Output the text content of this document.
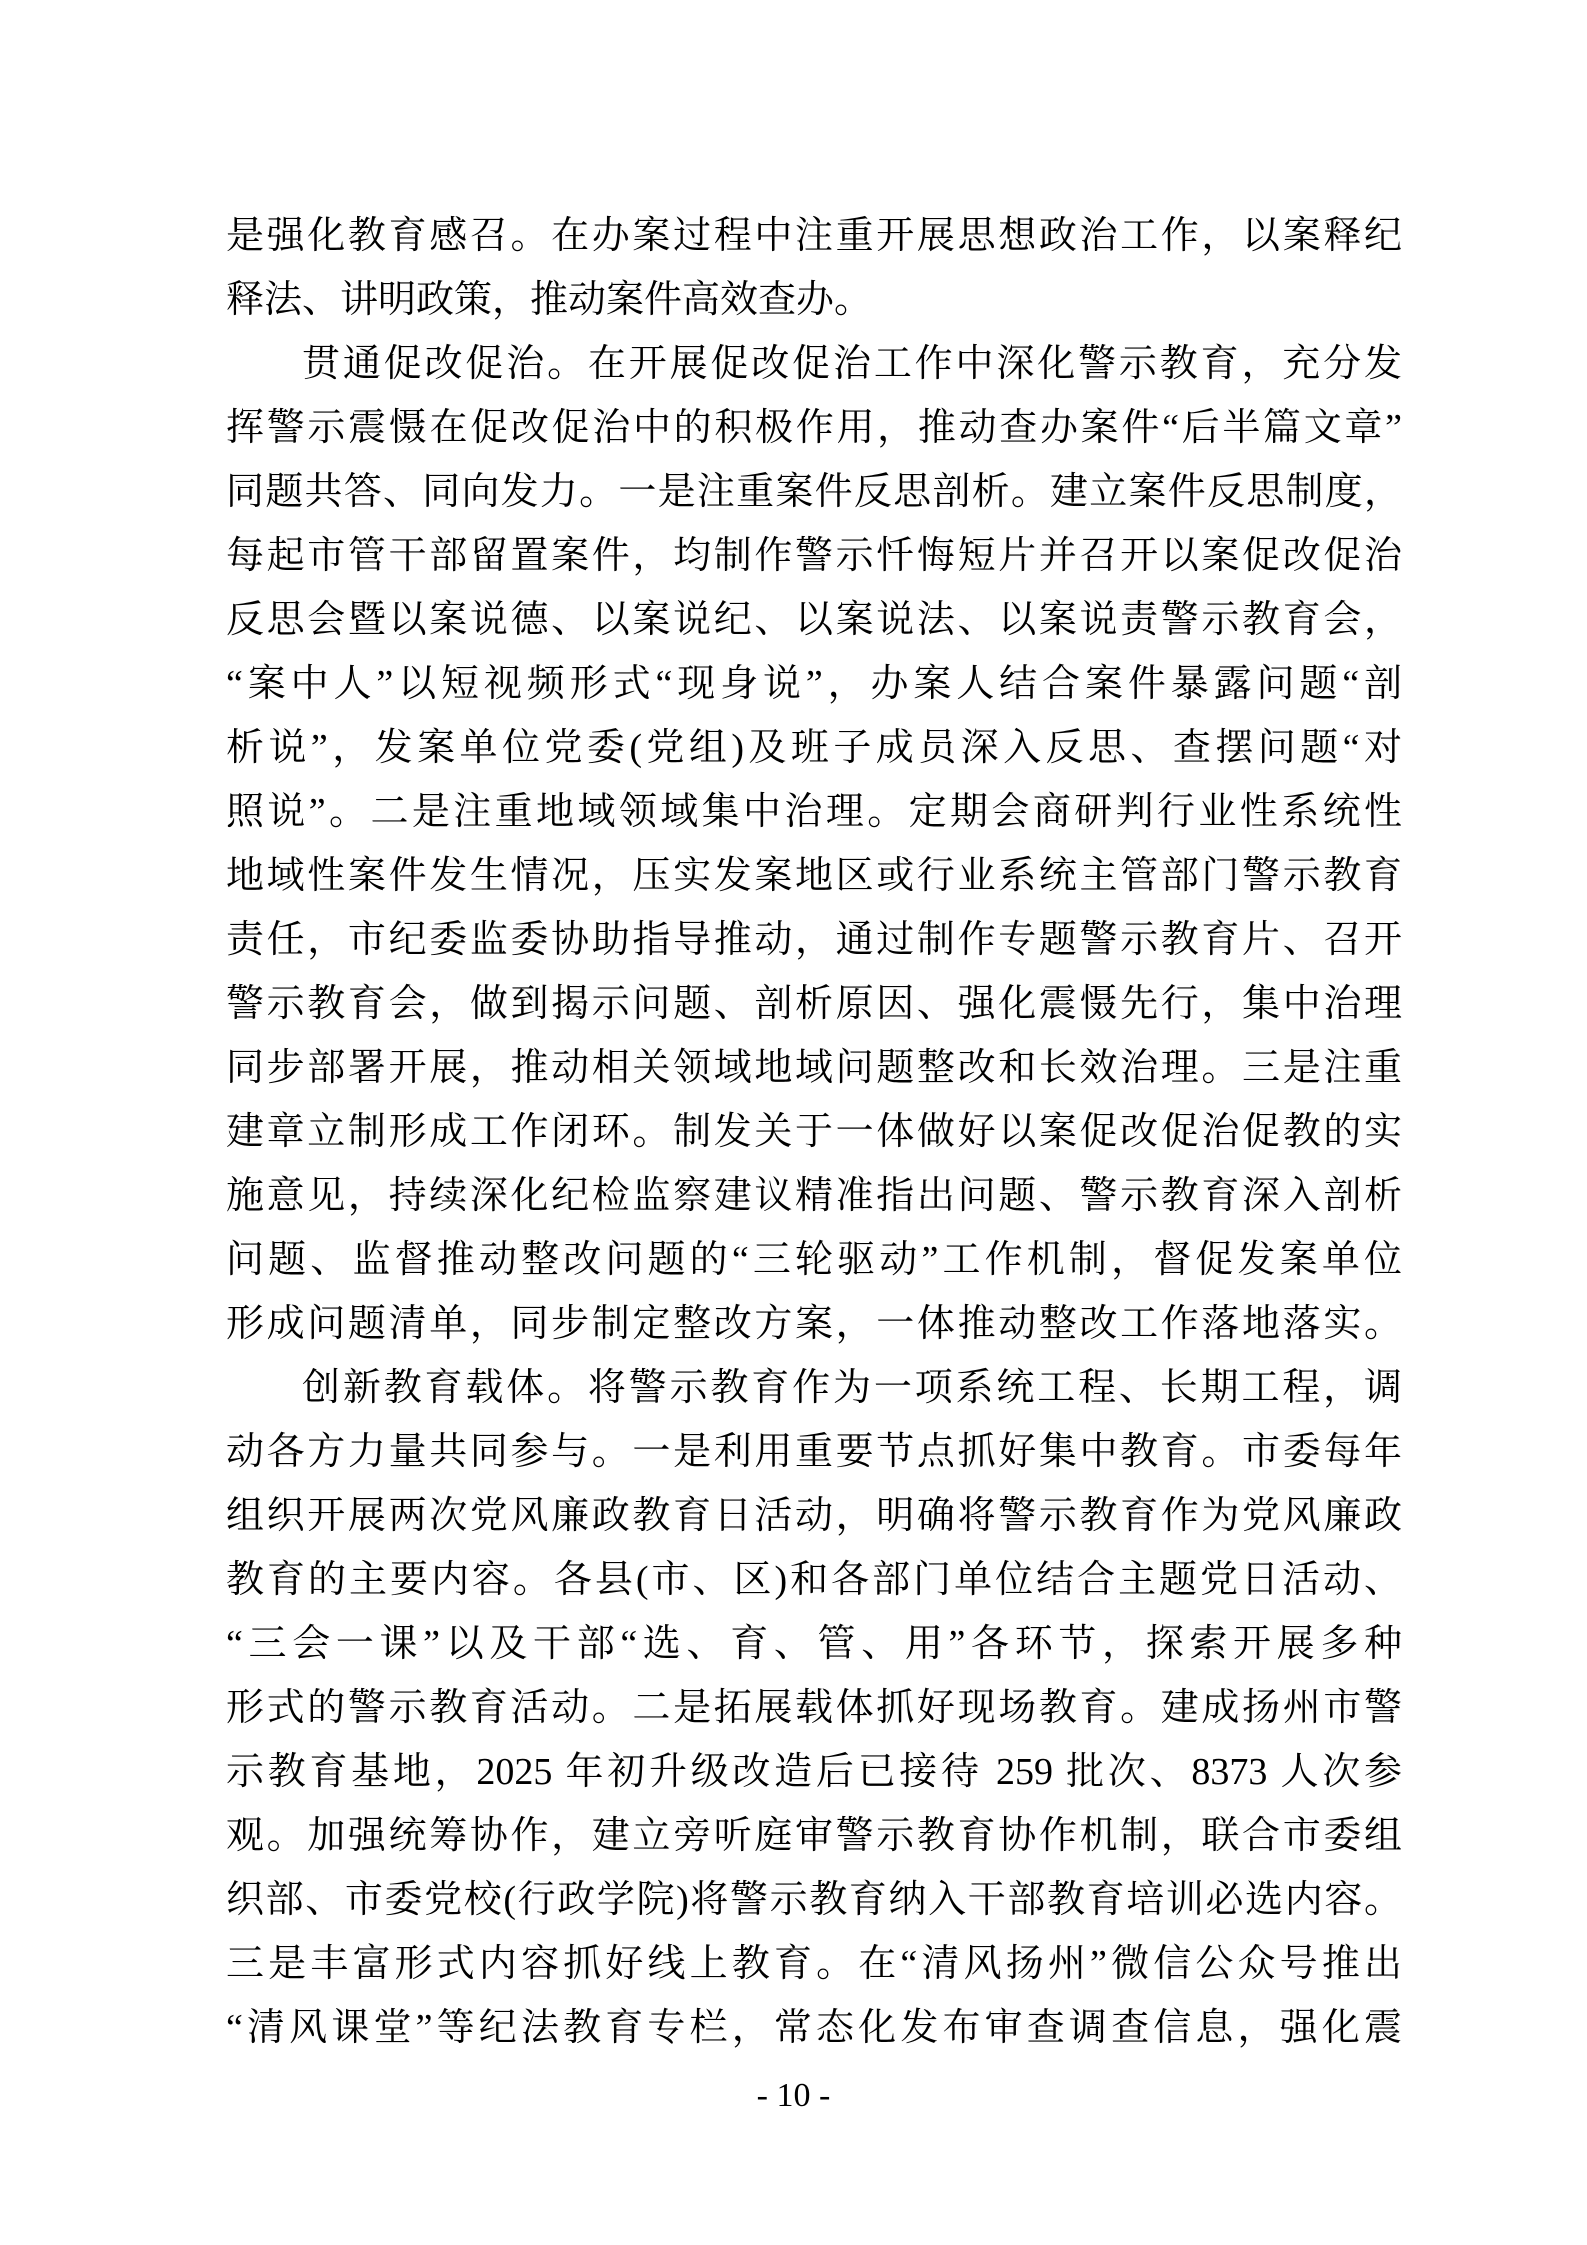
是强化教育感召。在办案过程中注重开展思想政治工作，以案释纪
释法、讲明政策，推动案件高效查办。
贯通促改促治。在开展促改促治工作中深化警示教育，充分发
挥警示震慑在促改促治中的积极作用，推动查办案件“后半篇文章”
同题共答、同向发力。一是注重案件反思剖析。建立案件反思制度，
每起市管干部留置案件，均制作警示忏悔短片并召开以案促改促治
反思会暨以案说德、以案说纪、以案说法、以案说责警示教育会，
“案中人”以短视频形式“现身说”，办案人结合案件暴露问题“剖
析说”，发案单位党委(党组)及班子成员深入反思、查摆问题“对
照说”。二是注重地域领域集中治理。定期会商研判行业性系统性
地域性案件发生情况，压实发案地区或行业系统主管部门警示教育
责任，市纪委监委协助指导推动，通过制作专题警示教育片、召开
警示教育会，做到揭示问题、剖析原因、强化震慑先行，集中治理
同步部署开展，推动相关领域地域问题整改和长效治理。三是注重
建章立制形成工作闭环。制发关于一体做好以案促改促治促教的实
施意见，持续深化纪检监察建议精准指出问题、警示教育深入剖析
问题、监督推动整改问题的“三轮驱动”工作机制，督促发案单位
形成问题清单，同步制定整改方案，一体推动整改工作落地落实。
创新教育载体。将警示教育作为一项系统工程、长期工程，调
动各方力量共同参与。一是利用重要节点抓好集中教育。市委每年
组织开展两次党风廉政教育日活动，明确将警示教育作为党风廉政
教育的主要内容。各县(市、区)和各部门单位结合主题党日活动、
“三会一课”以及干部“选、育、管、用”各环节，探索开展多种
形式的警示教育活动。二是拓展载体抓好现场教育。建成扬州市警
示教育基地，2025 年初升级改造后已接待 259 批次、8373 人次参
观。加强统筹协作，建立旁听庭审警示教育协作机制，联合市委组
织部、市委党校(行政学院)将警示教育纳入干部教育培训必选内容。
三是丰富形式内容抓好线上教育。在“清风扬州”微信公众号推出
“清风课堂”等纪法教育专栏，常态化发布审查调查信息，强化震
- 10 -
